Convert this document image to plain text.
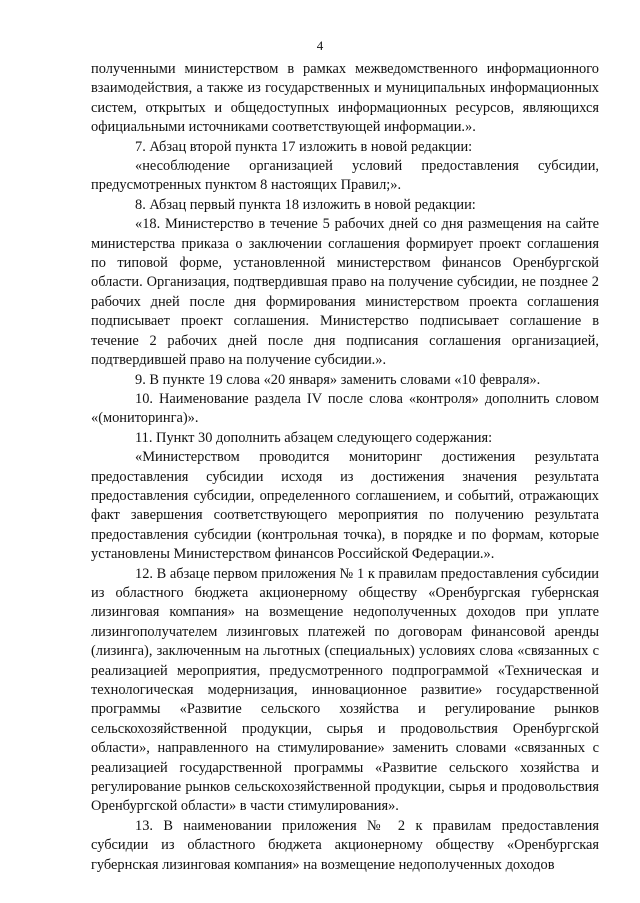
4

полученными министерством в рамках межведомственного информационного взаимодействия, а также из государственных и муниципальных информационных систем, открытых и общедоступных информационных ресурсов, являющихся официальными источниками соответствующей информации.».

7. Абзац второй пункта 17 изложить в новой редакции:

«несоблюдение организацией условий предоставления субсидии, предусмотренных пунктом 8 настоящих Правил;».

8. Абзац первый пункта 18 изложить в новой редакции:

«18. Министерство в течение 5 рабочих дней со дня размещения на сайте министерства приказа о заключении соглашения формирует проект соглашения по типовой форме, установленной министерством финансов Оренбургской области. Организация, подтвердившая право на получение субсидии, не позднее 2 рабочих дней после дня формирования министерством проекта соглашения подписывает проект соглашения. Министерство подписывает соглашение в течение 2 рабочих дней после дня подписания соглашения организацией, подтвердившей право на получение субсидии.».

9. В пункте 19 слова «20 января» заменить словами «10 февраля».

10. Наименование раздела IV после слова «контроля» дополнить словом «(мониторинга)».

11. Пункт 30 дополнить абзацем следующего содержания:

«Министерством проводится мониторинг достижения результата предоставления субсидии исходя из достижения значения результата предоставления субсидии, определенного соглашением, и событий, отражающих факт завершения соответствующего мероприятия по получению результата предоставления субсидии (контрольная точка), в порядке и по формам, которые установлены Министерством финансов Российской Федерации.».

12. В абзаце первом приложения № 1 к правилам предоставления субсидии из областного бюджета акционерному обществу «Оренбургская губернская лизинговая компания» на возмещение недополученных доходов при уплате лизингополучателем лизинговых платежей по договорам финансовой аренды (лизинга), заключенным на льготных (специальных) условиях слова «связанных с реализацией мероприятия, предусмотренного подпрограммой «Техническая и технологическая модернизация, инновационное развитие» государственной программы «Развитие сельского хозяйства и регулирование рынков сельскохозяйственной продукции, сырья и продовольствия Оренбургской области», направленного на стимулирование» заменить словами «связанных с реализацией государственной программы «Развитие сельского хозяйства и регулирование рынков сельскохозяйственной продукции, сырья и продовольствия Оренбургской области» в части стимулирования».

13. В наименовании приложения № 2 к правилам предоставления субсидии из областного бюджета акционерному обществу «Оренбургская губернская лизинговая компания» на возмещение недополученных доходов
